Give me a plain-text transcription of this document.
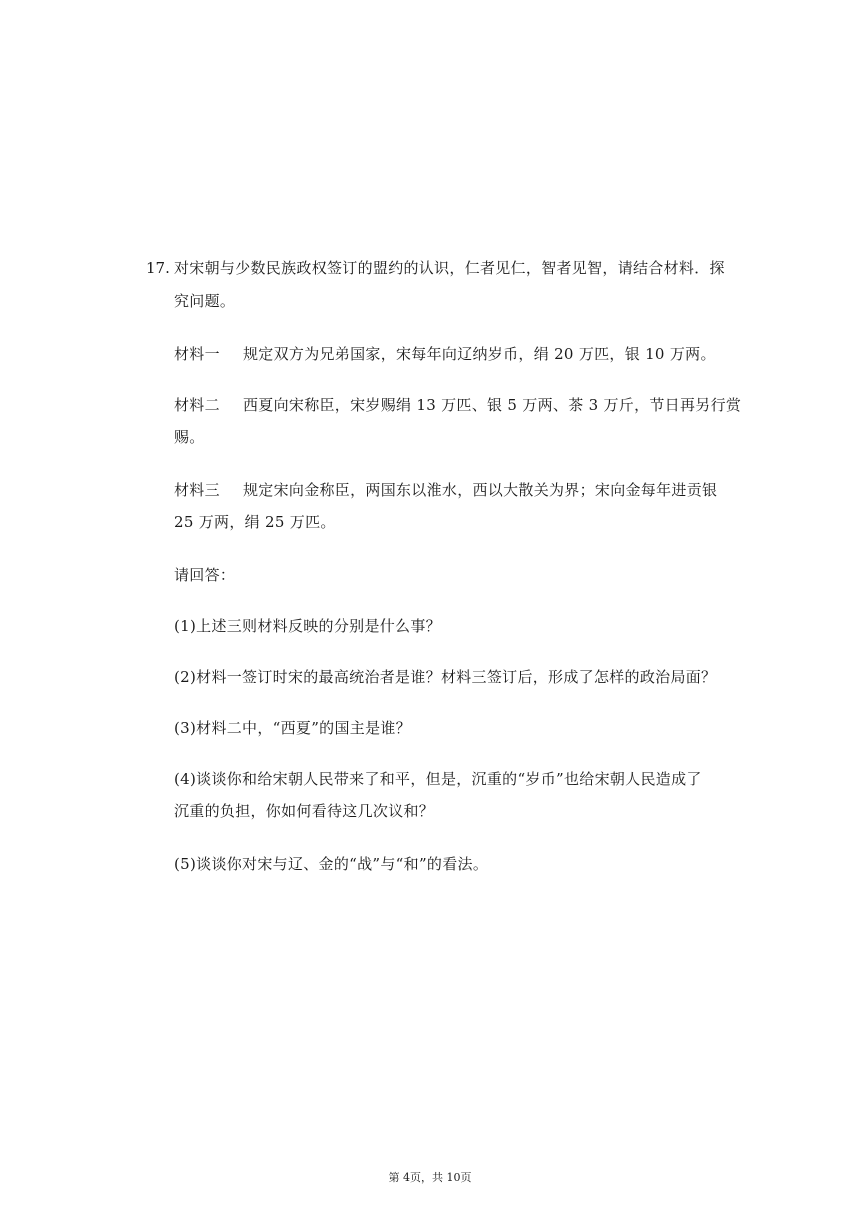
17. 对宋朝与少数民族政权签订的盟约的认识，仁者见仁，智者见智，请结合材料．探
究问题。
材料一 规定双方为兄弟国家，宋每年向辽纳岁币，绢 20 万匹，银 10 万两。
材料二 西夏向宋称臣，宋岁赐绢 13 万匹、银 5 万两、茶 3 万斤，节日再另行赏
赐。
材料三 规定宋向金称臣，两国东以淮水，西以大散关为界；宋向金每年进贡银
25 万两，绢 25 万匹。
请回答：
(1)上述三则材料反映的分别是什么事？
(2)材料一签订时宋的最高统治者是谁？材料三签订后，形成了怎样的政治局面？
(3)材料二中，“西夏”的国主是谁？
(4)谈谈你和给宋朝人民带来了和平，但是，沉重的“岁币”也给宋朝人民造成了
沉重的负担，你如何看待这几次议和？
(5)谈谈你对宋与辽、金的“战”与“和”的看法。
第 4页，共 10页
